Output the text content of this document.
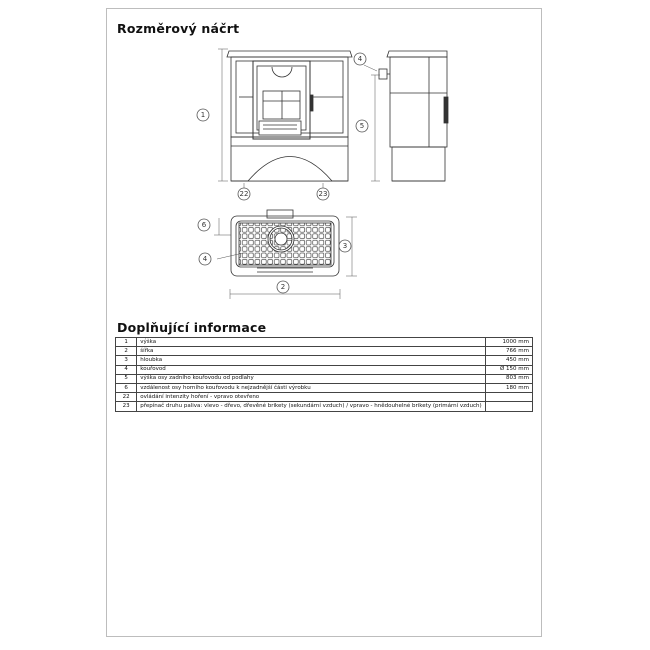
Rozměrový náčrt
1
22	23
4
5
6
4
3
2
Doplňující informace
1	výška	1000 mm
2	šířka	766 mm
3	hloubka	450 mm
4	kouřovod	Ø 150 mm
5	výška osy zadního kouřovodu od podlahy	803 mm
6	vzdálenost osy horního kouřovodu k nejzadnější části výrobku	180 mm
22	ovládání intenzity hoření - vpravo otevřeno	
23	přepínač druhu paliva: vlevo - dřevo, dřevěné brikety (sekundární vzduch) / vpravo - hnědouhelné brikety (primární vzduch)	
